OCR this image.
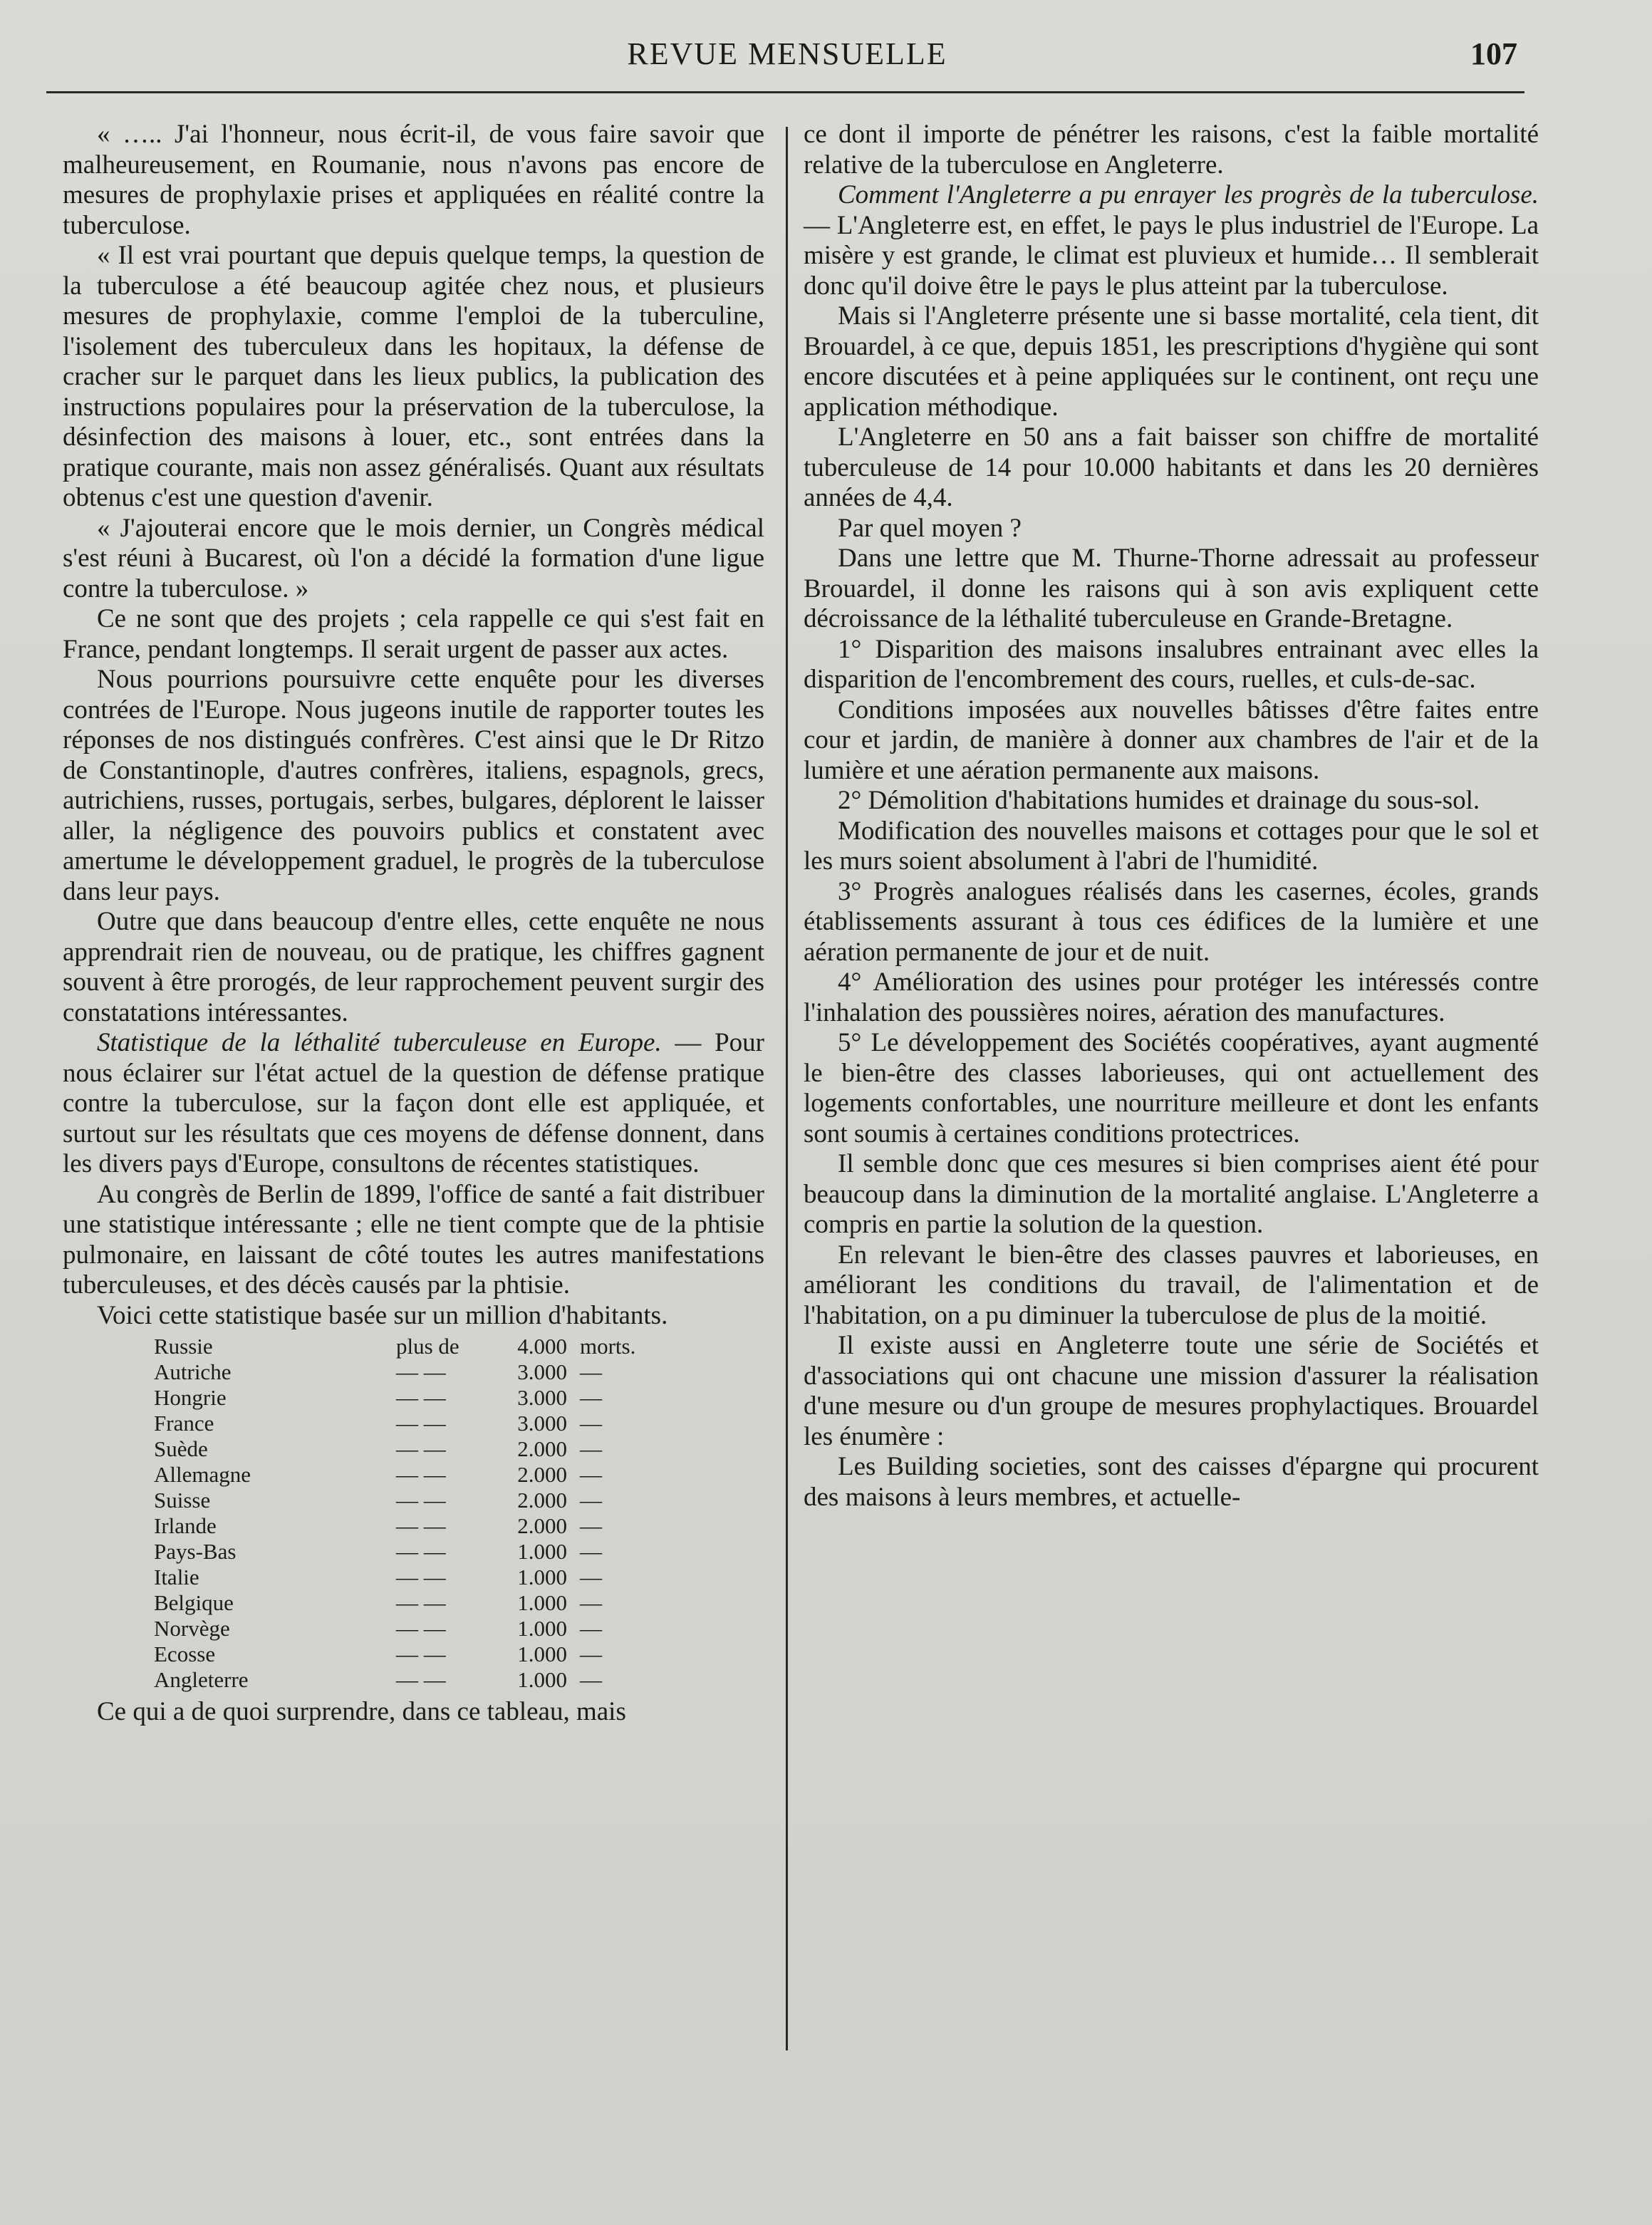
REVUE MENSUELLE	107

« ….. J'ai l'honneur, nous écrit-il, de vous faire savoir que malheureusement, en Roumanie, nous n'avons pas encore de mesures de prophylaxie prises et appliquées en réalité contre la tuberculose.

« Il est vrai pourtant que depuis quelque temps, la question de la tuberculose a été beaucoup agitée chez nous, et plusieurs mesures de prophylaxie, comme l'emploi de la tuberculine, l'isolement des tuberculeux dans les hopitaux, la défense de cracher sur le parquet dans les lieux publics, la publication des instructions populaires pour la préservation de la tuberculose, la désinfection des maisons à louer, etc., sont entrées dans la pratique courante, mais non assez généralisés. Quant aux résultats obtenus c'est une question d'avenir.

« J'ajouterai encore que le mois dernier, un Congrès médical s'est réuni à Bucarest, où l'on a décidé la formation d'une ligue contre la tuberculose. »

Ce ne sont que des projets ; cela rappelle ce qui s'est fait en France, pendant longtemps. Il serait urgent de passer aux actes.

Nous pourrions poursuivre cette enquête pour les diverses contrées de l'Europe. Nous jugeons inutile de rapporter toutes les réponses de nos distingués confrères. C'est ainsi que le Dr Ritzo de Constantinople, d'autres confrères, italiens, espagnols, grecs, autrichiens, russes, portugais, serbes, bulgares, déplorent le laisser aller, la négligence des pouvoirs publics et constatent avec amertume le développement graduel, le progrès de la tuberculose dans leur pays.

Outre que dans beaucoup d'entre elles, cette enquête ne nous apprendrait rien de nouveau, ou de pratique, les chiffres gagnent souvent à être prorogés, de leur rapprochement peuvent surgir des constatations intéressantes.

Statistique de la léthalité tuberculeuse en Europe. — Pour nous éclairer sur l'état actuel de la question de défense pratique contre la tuberculose, sur la façon dont elle est appliquée, et surtout sur les résultats que ces moyens de défense donnent, dans les divers pays d'Europe, consultons de récentes statistiques.

Au congrès de Berlin de 1899, l'office de santé a fait distribuer une statistique intéressante ; elle ne tient compte que de la phtisie pulmonaire, en laissant de côté toutes les autres manifestations tuberculeuses, et des décès causés par la phtisie.

Voici cette statistique basée sur un million d'habitants.

Russie	plus de	4.000	morts.
Autriche	— —	3.000	—
Hongrie	— —	3.000	—
France	— —	3.000	—
Suède	— —	2.000	—
Allemagne	— —	2.000	—
Suisse	— —	2.000	—
Irlande	— —	2.000	—
Pays-Bas	— —	1.000	—
Italie	— —	1.000	—
Belgique	— —	1.000	—
Norvège	— —	1.000	—
Ecosse	— —	1.000	—
Angleterre	— —	1.000	—

Ce qui a de quoi surprendre, dans ce tableau, mais

ce dont il importe de pénétrer les raisons, c'est la faible mortalité relative de la tuberculose en Angleterre.

Comment l'Angleterre a pu enrayer les progrès de la tuberculose. — L'Angleterre est, en effet, le pays le plus industriel de l'Europe. La misère y est grande, le climat est pluvieux et humide… Il semblerait donc qu'il doive être le pays le plus atteint par la tuberculose.

Mais si l'Angleterre présente une si basse mortalité, cela tient, dit Brouardel, à ce que, depuis 1851, les prescriptions d'hygiène qui sont encore discutées et à peine appliquées sur le continent, ont reçu une application méthodique.

L'Angleterre en 50 ans a fait baisser son chiffre de mortalité tuberculeuse de 14 pour 10.000 habitants et dans les 20 dernières années de 4,4.

Par quel moyen ?

Dans une lettre que M. Thurne-Thorne adressait au professeur Brouardel, il donne les raisons qui à son avis expliquent cette décroissance de la léthalité tuberculeuse en Grande-Bretagne.

1° Disparition des maisons insalubres entrainant avec elles la disparition de l'encombrement des cours, ruelles, et culs-de-sac.

Conditions imposées aux nouvelles bâtisses d'être faites entre cour et jardin, de manière à donner aux chambres de l'air et de la lumière et une aération permanente aux maisons.

2° Démolition d'habitations humides et drainage du sous-sol.

Modification des nouvelles maisons et cottages pour que le sol et les murs soient absolument à l'abri de l'humidité.

3° Progrès analogues réalisés dans les casernes, écoles, grands établissements assurant à tous ces édifices de la lumière et une aération permanente de jour et de nuit.

4° Amélioration des usines pour protéger les intéressés contre l'inhalation des poussières noires, aération des manufactures.

5° Le développement des Sociétés coopératives, ayant augmenté le bien-être des classes laborieuses, qui ont actuellement des logements confortables, une nourriture meilleure et dont les enfants sont soumis à certaines conditions protectrices.

Il semble donc que ces mesures si bien comprises aient été pour beaucoup dans la diminution de la mortalité anglaise. L'Angleterre a compris en partie la solution de la question.

En relevant le bien-être des classes pauvres et laborieuses, en améliorant les conditions du travail, de l'alimentation et de l'habitation, on a pu diminuer la tuberculose de plus de la moitié.

Il existe aussi en Angleterre toute une série de Sociétés et d'associations qui ont chacune une mission d'assurer la réalisation d'une mesure ou d'un groupe de mesures prophylactiques. Brouardel les énumère :

Les Building societies, sont des caisses d'épargne qui procurent des maisons à leurs membres, et actuelle-
